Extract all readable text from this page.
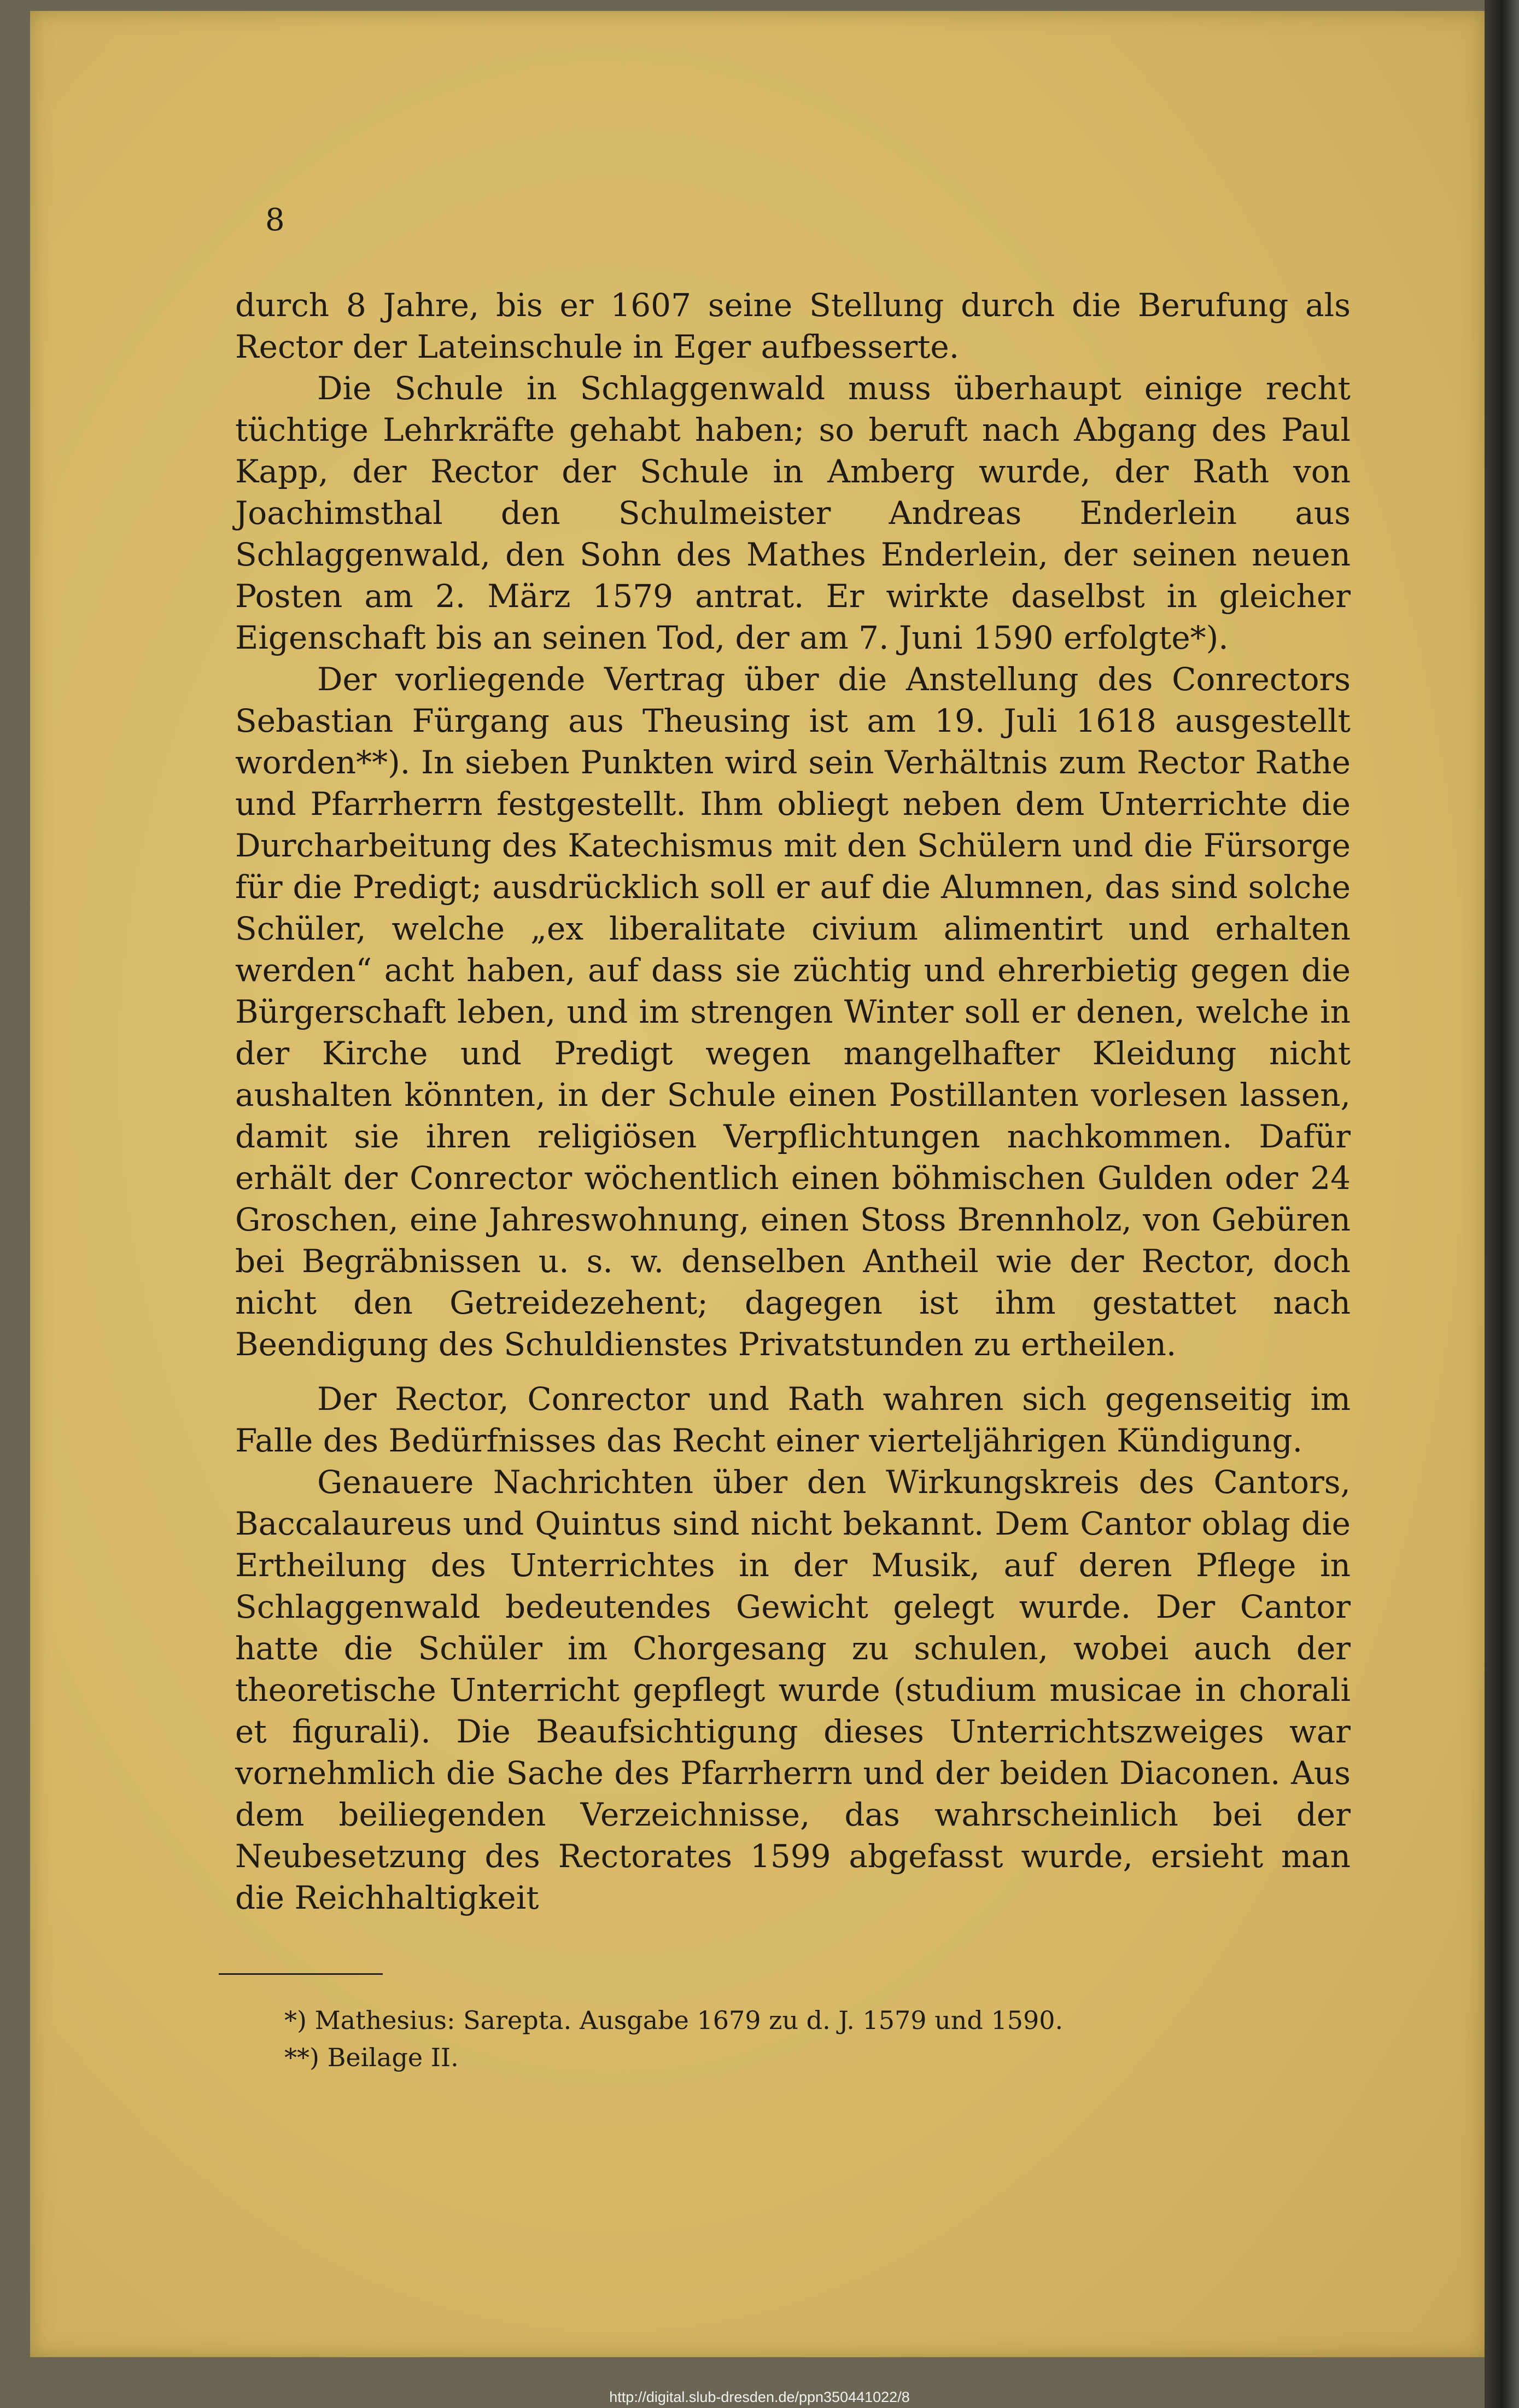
8

durch 8 Jahre, bis er 1607 seine Stellung durch die Berufung als Rector der Lateinschule in Eger aufbesserte.

Die Schule in Schlaggenwald muss überhaupt einige recht tüchtige Lehrkräfte gehabt haben; so beruft nach Abgang des Paul Kapp, der Rector der Schule in Amberg wurde, der Rath von Joachimsthal den Schulmeister Andreas Enderlein aus Schlaggenwald, den Sohn des Mathes Enderlein, der seinen neuen Posten am 2. März 1579 antrat. Er wirkte daselbst in gleicher Eigenschaft bis an seinen Tod, der am 7. Juni 1590 erfolgte*).

Der vorliegende Vertrag über die Anstellung des Conrectors Sebastian Fürgang aus Theusing ist am 19. Juli 1618 ausgestellt worden**). In sieben Punkten wird sein Verhältnis zum Rector Rathe und Pfarrherrn festgestellt. Ihm obliegt neben dem Unterrichte die Durcharbeitung des Katechismus mit den Schülern und die Fürsorge für die Predigt; ausdrücklich soll er auf die Alumnen, das sind solche Schüler, welche „ex liberalitate civium alimentirt und erhalten werden“ acht haben, auf dass sie züchtig und ehrerbietig gegen die Bürgerschaft leben, und im strengen Winter soll er denen, welche in der Kirche und Predigt wegen mangelhafter Kleidung nicht aushalten könnten, in der Schule einen Postillanten vorlesen lassen, damit sie ihren religiösen Verpflichtungen nachkommen. Dafür erhält der Conrector wöchentlich einen böhmischen Gulden oder 24 Groschen, eine Jahreswohnung, einen Stoss Brennholz, von Gebüren bei Begräbnissen u. s. w. denselben Antheil wie der Rector, doch nicht den Getreidezehent; dagegen ist ihm gestattet nach Beendigung des Schuldienstes Privatstunden zu ertheilen.

Der Rector, Conrector und Rath wahren sich gegenseitig im Falle des Bedürfnisses das Recht einer vierteljährigen Kündigung.

Genauere Nachrichten über den Wirkungskreis des Cantors, Baccalaureus und Quintus sind nicht bekannt. Dem Cantor oblag die Ertheilung des Unterrichtes in der Musik, auf deren Pflege in Schlaggenwald bedeutendes Gewicht gelegt wurde. Der Cantor hatte die Schüler im Chorgesang zu schulen, wobei auch der theoretische Unterricht gepflegt wurde (studium musicae in chorali et figurali). Die Beaufsichtigung dieses Unterrichtszweiges war vornehmlich die Sache des Pfarrherrn und der beiden Diaconen. Aus dem beiliegenden Verzeichnisse, das wahrscheinlich bei der Neubesetzung des Rectorates 1599 abgefasst wurde, ersieht man die Reichhaltigkeit

*) Mathesius: Sarepta. Ausgabe 1679 zu d. J. 1579 und 1590.

**) Beilage II.

http://digital.slub-dresden.de/ppn350441022/8
